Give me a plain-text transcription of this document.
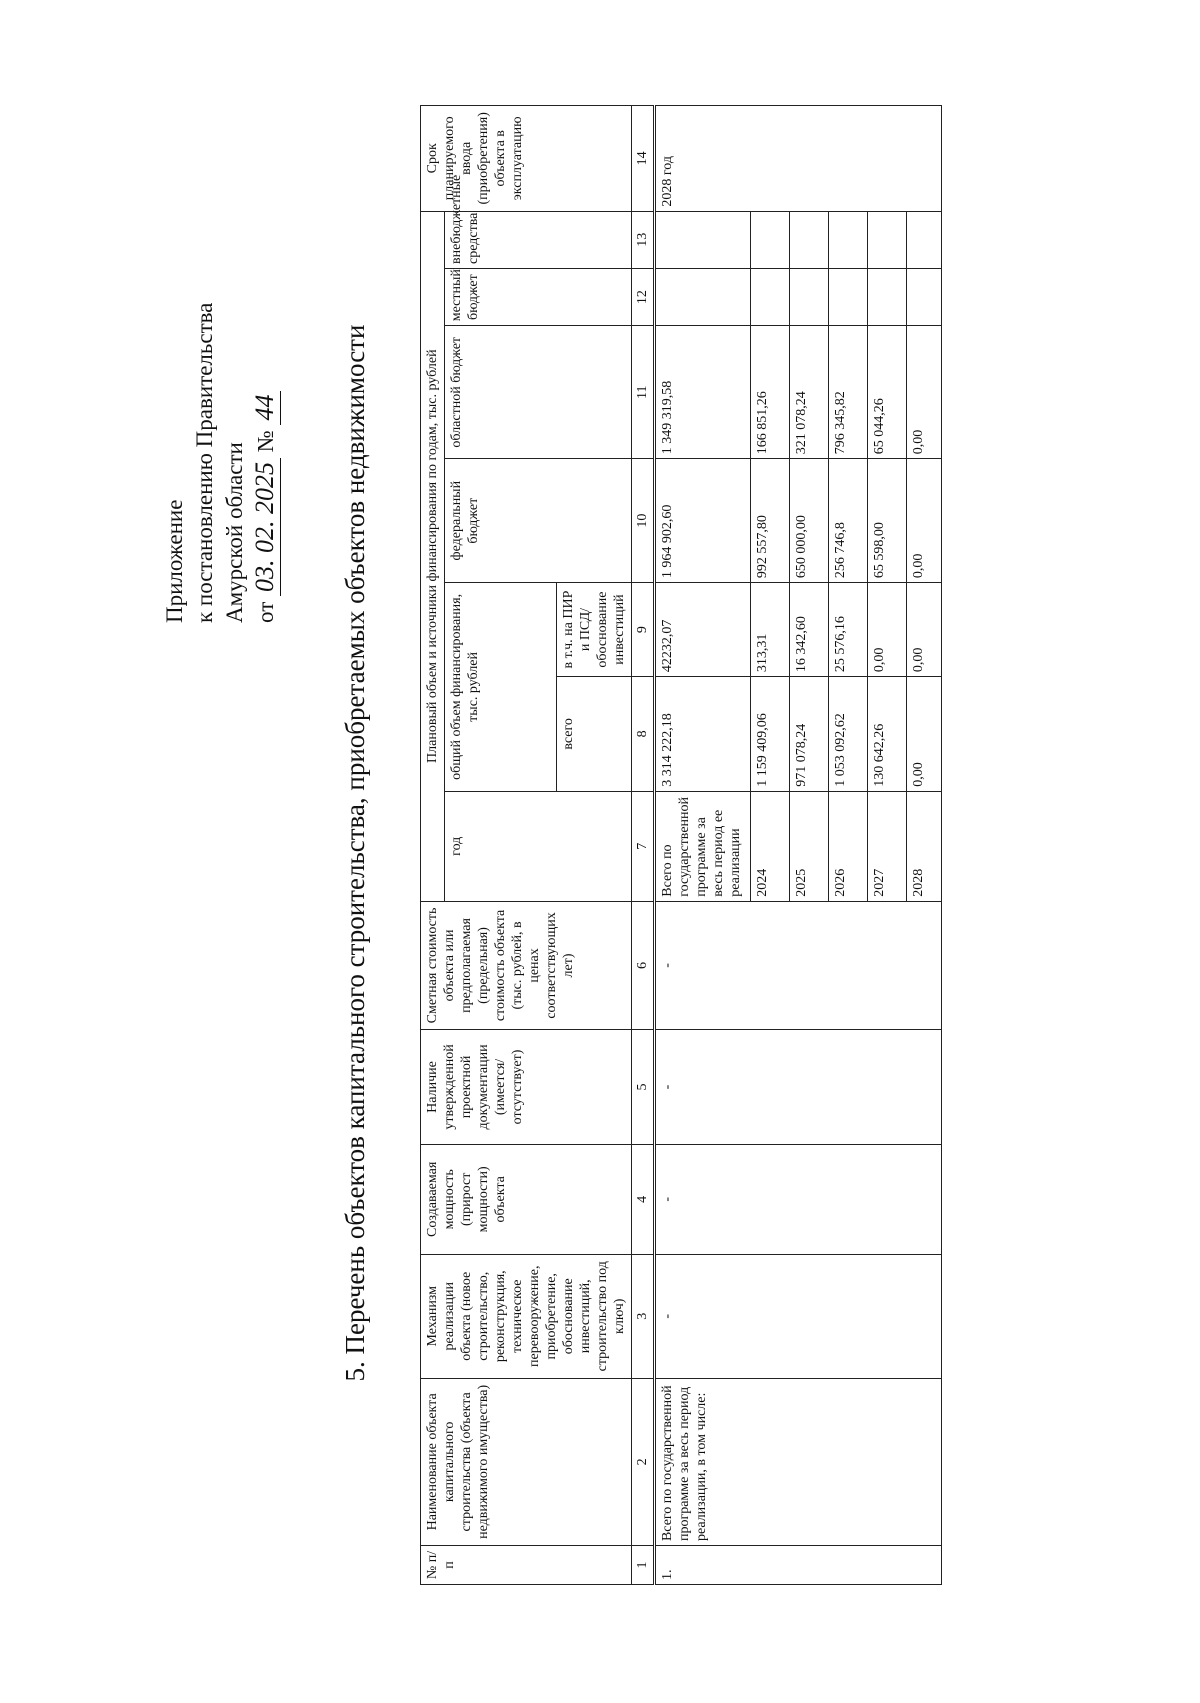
Приложение к постановлению Правительства Амурской области от 03. 02. 2025 № 44 5. Перечень объектов капитального строительства, приобретаемых объектов недвижимости
№ п/п	Наименование объекта капитального строительства (объекта недвижимого имущества)	Механизм реализации объекта (новое строительство, реконструкция, техническое перевооружение, приобретение, обоснование инвестиций, строительство под ключ)	Создаваемая мощность (прирост мощности) объекта	Наличие утвержденной проектной документации (имеется/отсутствует)	Сметная стоимость объекта или предполагаемая (предельная) стоимость объекта (тыс. рублей, в ценах соответствующих лет)	Плановый объем и источники финансирования по годам, тыс. рублей							Срок планируемого ввода (приобретения) объекта в эксплуатацию
						год	общий объем финансирования, тыс. рублей		федеральный бюджет	областной бюджет	местный бюджет	внебюджетные средства	
							всего	в т.ч. на ПИР и ПСД/ обоснование инвестиций					
1	2	3	4	5	6	7	8	9	10	11	12	13	14
1.	Всего по государственной программе за весь период реализации, в том числе:	-	-	-	-	Всего по государственной программе за весь период ее реализации	3 314 222,18	42232,07	1 964 902,60	1 349 319,58			2028 год
						2024	1 159 409,06	313,31	992 557,80	166 851,26			
						2025	971 078,24	16 342,60	650 000,00	321 078,24			
						2026	1 053 092,62	25 576,16	256 746,8	796 345,82			
						2027	130 642,26	0,00	65 598,00	65 044,26			
						2028	0,00	0,00	0,00	0,00			
